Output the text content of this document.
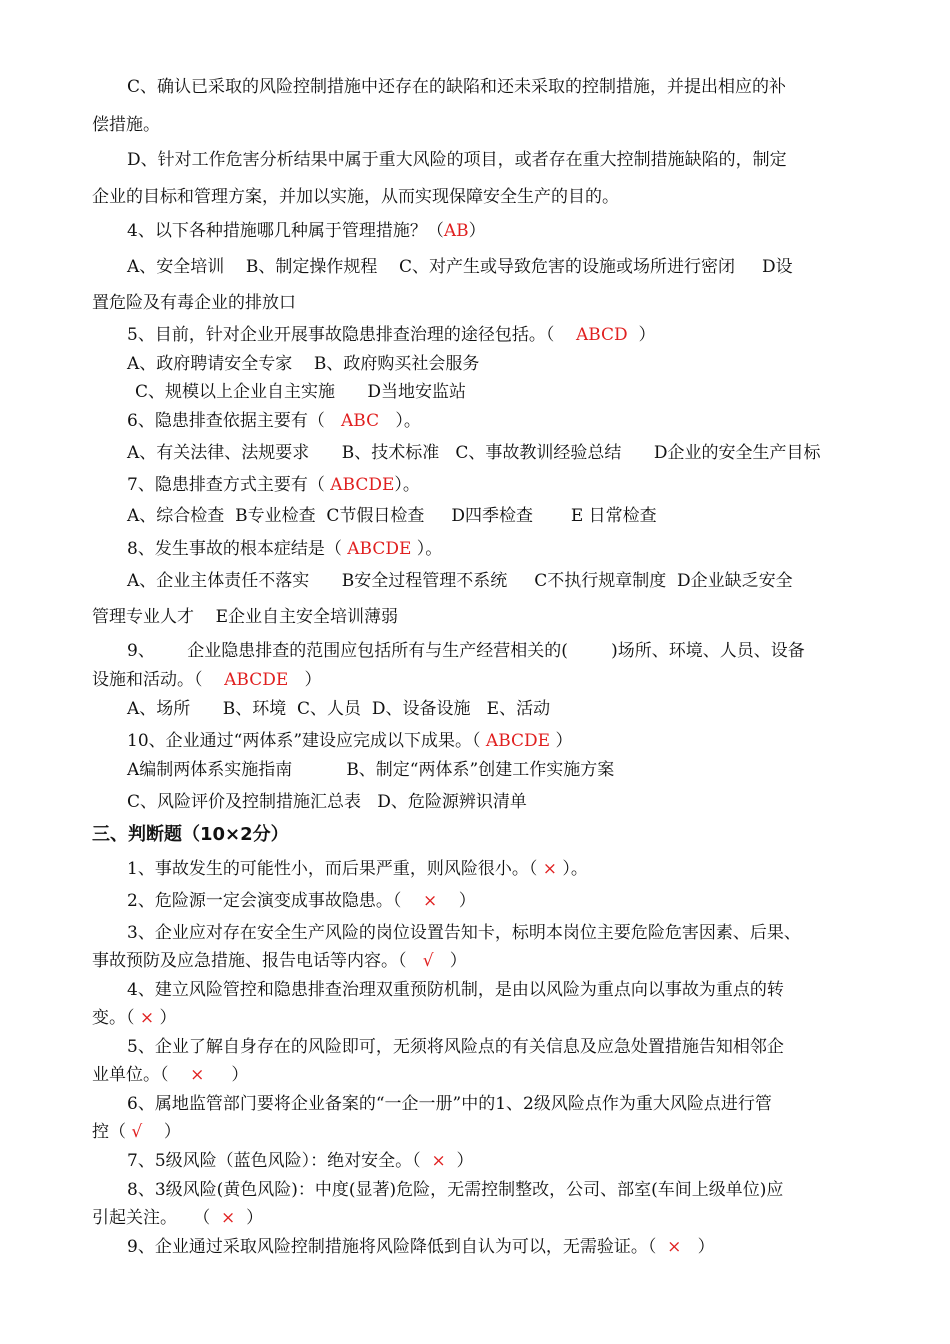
C、确认已采取的风险控制措施中还存在的缺陷和还未采取的控制措施，并提出相应的补
偿措施。
D、针对工作危害分析结果中属于重大风险的项目，或者存在重大控制措施缺陷的，制定
企业的目标和管理方案，并加以实施，从而实现保障安全生产的目的。
4、以下各种措施哪几种属于管理措施？（AB）
A、安全培训    B、制定操作规程    C、对产生或导致危害的设施或场所进行密闭     D设
置危险及有毒企业的排放口
5、目前，针对企业开展事故隐患排查治理的途径包括。（    ABCD  ）
A、政府聘请安全专家    B、政府购买社会服务
C、规模以上企业自主实施      D当地安监站
6、隐患排查依据主要有（   ABC   ）。
A、有关法律、法规要求      B、技术标准   C、事故教训经验总结      D企业的安全生产目标
7、隐患排查方式主要有（ ABCDE）。
A、综合检查  B专业检查  C节假日检查     D四季检查       E 日常检查
8、发生事故的根本症结是（ ABCDE ）。
A、企业主体责任不落实      B安全过程管理不系统     C不执行规章制度  D企业缺乏安全
管理专业人才    E企业自主安全培训薄弱
9、      企业隐患排查的范围应包括所有与生产经营相关的(        )场所、环境、人员、设备
设施和活动。（    ABCDE   ）
A、场所      B、环境  C、人员  D、设备设施   E、活动
10、企业通过“两体系”建设应完成以下成果。（ ABCDE ）
A编制两体系实施指南          B、制定“两体系”创建工作实施方案
C、风险评价及控制措施汇总表   D、危险源辨识清单
三、判断题（10×2分）
1、事故发生的可能性小，而后果严重，则风险很小。（ × ）。
2、危险源一定会演变成事故隐患。（    ×    ）
3、企业应对存在安全生产风险的岗位设置告知卡，标明本岗位主要危险危害因素、后果、
事故预防及应急措施、报告电话等内容。（   √   ）
4、建立风险管控和隐患排查治理双重预防机制，是由以风险为重点向以事故为重点的转
变。（ × ）
5、企业了解自身存在的风险即可，无须将风险点的有关信息及应急处置措施告知相邻企
业单位。（    ×     ）
6、属地监管部门要将企业备案的“一企一册”中的1、2级风险点作为重大风险点进行管
控（ √    ）
7、5级风险（蓝色风险）：绝对安全。（  ×  ）
8、3级风险(黄色风险)：中度(显著)危险，无需控制整改，公司、部室(车间上级单位)应
引起关注。   （  ×  ）
9、企业通过采取风险控制措施将风险降低到自认为可以，无需验证。（  ×   ）
